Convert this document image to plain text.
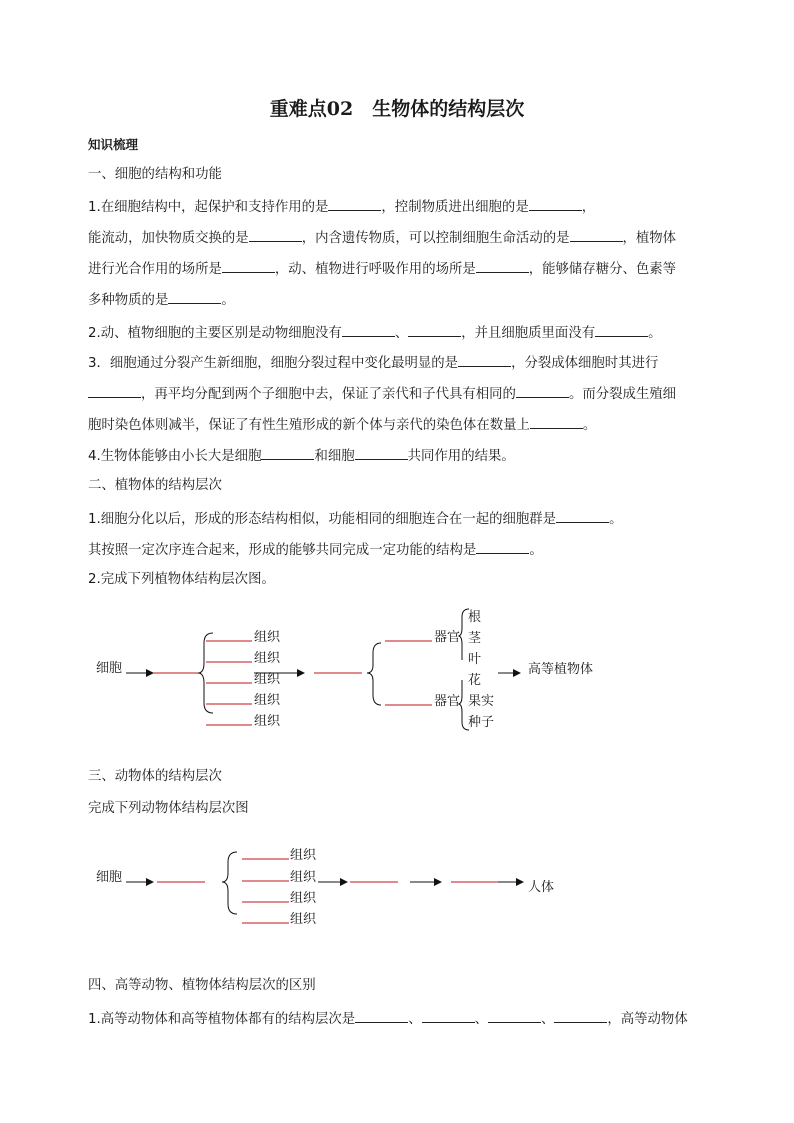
重难点02　生物体的结构层次
知识梳理
一、细胞的结构和功能
1.在细胞结构中，起保护和支持作用的是	，控制物质进出细胞的是	，
能流动，加快物质交换的是	，内含遗传物质，可以控制细胞生命活动的是	，植物体
进行光合作用的场所是	，动、植物进行呼吸作用的场所是	，能够储存糖分、色素等
多种物质的是	。
2.动、植物细胞的主要区别是动物细胞没有	、	，并且细胞质里面没有	。
3．细胞通过分裂产生新细胞，细胞分裂过程中变化最明显的是	，分裂成体细胞时其进行
，再平均分配到两个子细胞中去，保证了亲代和子代具有相同的	。而分裂成生殖细
胞时染色体则减半，保证了有性生殖形成的新个体与亲代的染色体在数量上	。
4.生物体能够由小长大是细胞	和细胞	共同作用的结果。
二、植物体的结构层次
1.细胞分化以后，形成的形态结构相似，功能相同的细胞连合在一起的细胞群是	。
其按照一定次序连合起来，形成的能够共同完成一定功能的结构是	。
2.完成下列植物体结构层次图。
三、动物体的结构层次
完成下列动物体结构层次图
四、高等动物、植物体结构层次的区别
1.高等动物体和高等植物体都有的结构层次是	、	、	、	，高等动物体
细胞
组织
组织
组织
组织
组织
器官
器官
根
茎
叶
花
果实
种子
高等植物体
细胞
组织
组织
组织
组织
人体
